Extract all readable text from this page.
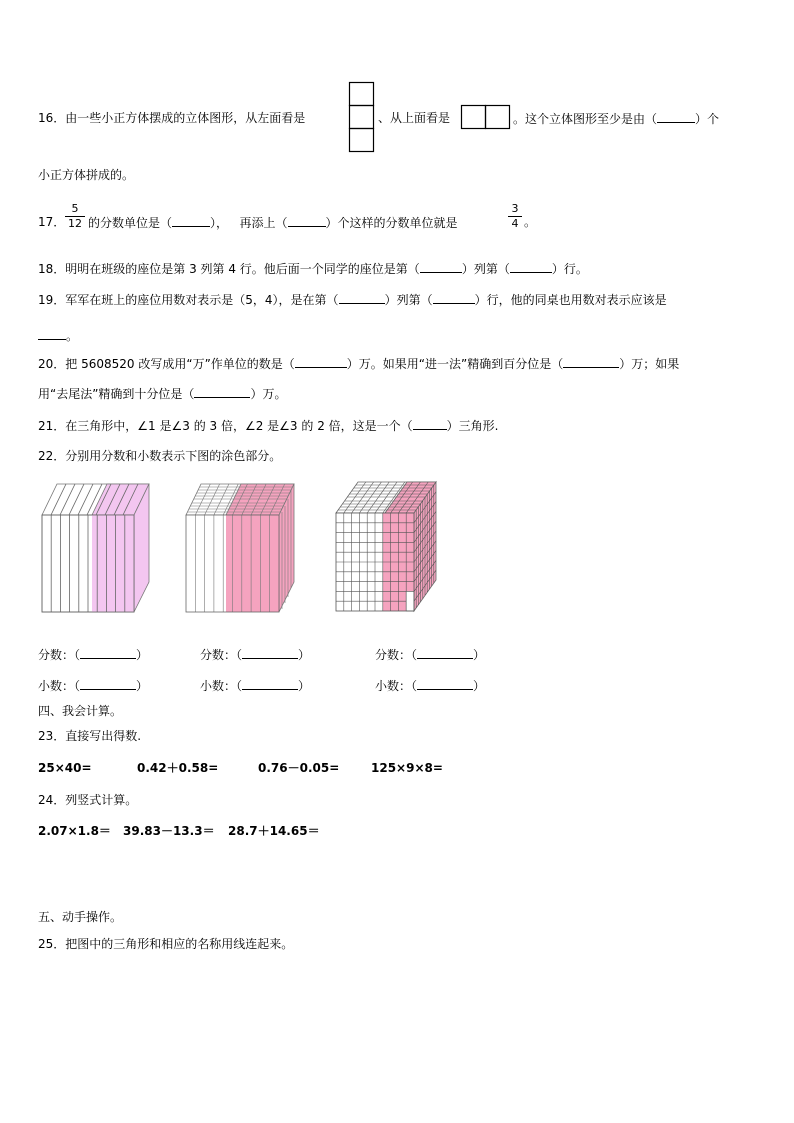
16．由一些小正方体摆成的立体图形，从左面看是	、从上面看是	。这个立体图形至少是由（	）个
小正方体拼成的。
17．
5
12 的分数单位是（	）， 再添上（	）个这样的分数单位就是
3
4 。
18．明明在班级的座位是第 3 列第 4 行。他后面一个同学的座位是第（	）列第（	）行。
19．军军在班上的座位用数对表示是（5，4），是在第（	）列第（	）行，他的同桌也用数对表示应该是
。
20．把 5608520 改写成用“万”作单位的数是（	）万。如果用“进一法”精确到百分位是（	）万；如果
用“去尾法”精确到十分位是（	）万。
21．在三角形中，∠1 是∠3 的 3 倍，∠2 是∠3 的 2 倍，这是一个（	）三角形.
22．分别用分数和小数表示下图的涂色部分。
分数：（	）	分数：（	）	分数：（	）
小数：（	）	小数：（	）	小数：（	）
四、我会计算。
23．直接写出得数.
25×40=	0.42＋0.58=	0.76－0.05=	125×9×8=
24．列竖式计算。
2.07×1.8＝ 39.83－13.3＝ 28.7＋14.65＝
五、动手操作。
25．把图中的三角形和相应的名称用线连起来。
